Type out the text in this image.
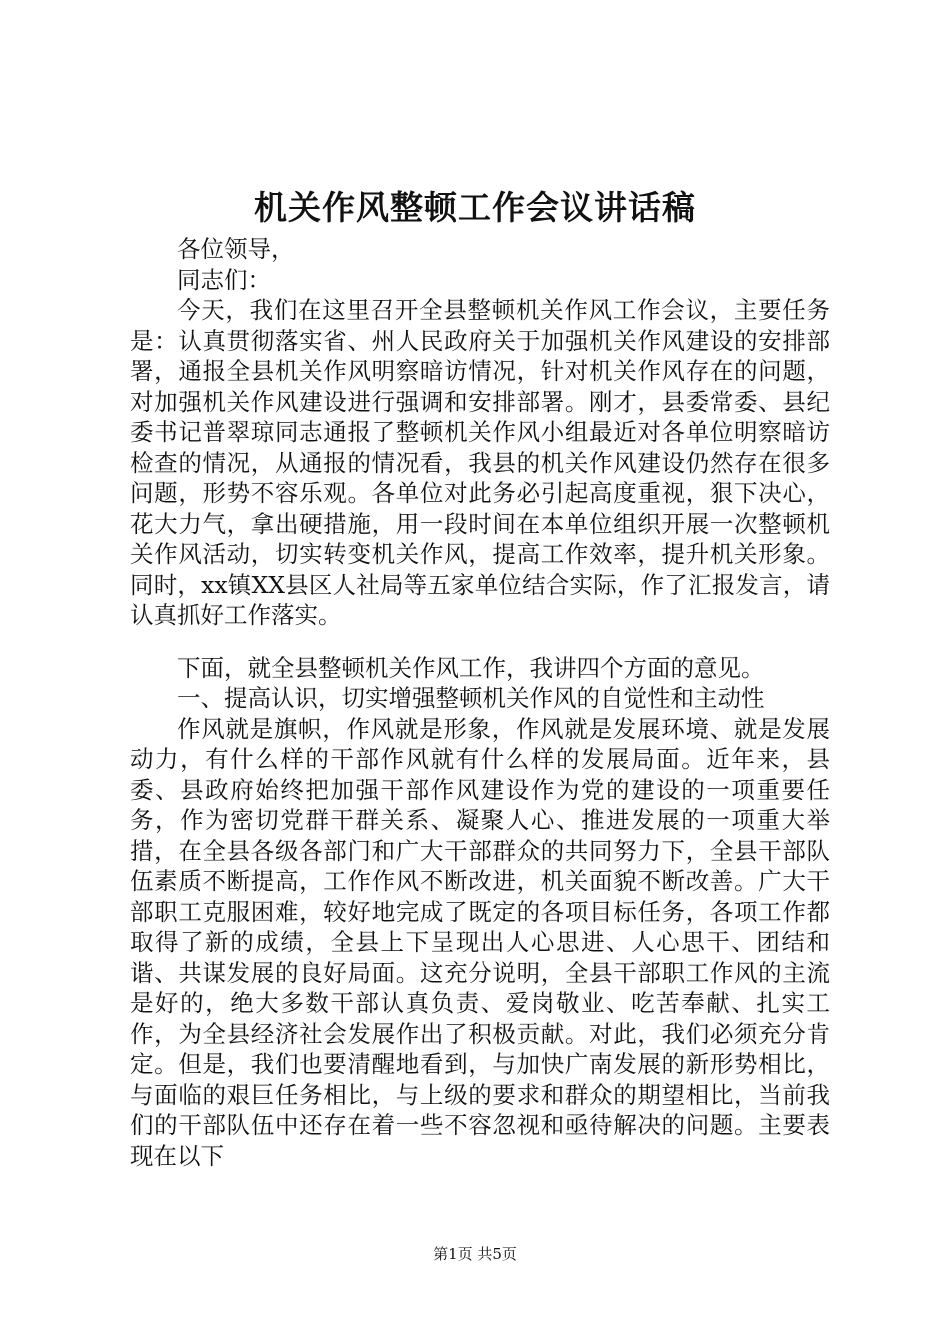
机关作风整顿工作会议讲话稿

各位领导，

同志们：

今天，我们在这里召开全县整顿机关作风工作会议，主要任务是：认真贯彻落实省、州人民政府关于加强机关作风建设的安排部署，通报全县机关作风明察暗访情况，针对机关作风存在的问题，对加强机关作风建设进行强调和安排部署。刚才，县委常委、县纪委书记普翠琼同志通报了整顿机关作风小组最近对各单位明察暗访检查的情况，从通报的情况看，我县的机关作风建设仍然存在很多问题，形势不容乐观。各单位对此务必引起高度重视，狠下决心，花大力气，拿出硬措施，用一段时间在本单位组织开展一次整顿机关作风活动，切实转变机关作风，提高工作效率，提升机关形象。同时，xx镇XX县区人社局等五家单位结合实际，作了汇报发言，请认真抓好工作落实。

下面，就全县整顿机关作风工作，我讲四个方面的意见。

一、提高认识，切实增强整顿机关作风的自觉性和主动性

作风就是旗帜，作风就是形象，作风就是发展环境、就是发展动力，有什么样的干部作风就有什么样的发展局面。近年来，县委、县政府始终把加强干部作风建设作为党的建设的一项重要任务，作为密切党群干群关系、凝聚人心、推进发展的一项重大举措，在全县各级各部门和广大干部群众的共同努力下，全县干部队伍素质不断提高，工作作风不断改进，机关面貌不断改善。广大干部职工克服困难，较好地完成了既定的各项目标任务，各项工作都取得了新的成绩，全县上下呈现出人心思进、人心思干、团结和谐、共谋发展的良好局面。这充分说明，全县干部职工作风的主流是好的，绝大多数干部认真负责、爱岗敬业、吃苦奉献、扎实工作，为全县经济社会发展作出了积极贡献。对此，我们必须充分肯定。但是，我们也要清醒地看到，与加快广南发展的新形势相比，与面临的艰巨任务相比，与上级的要求和群众的期望相比，当前我们的干部队伍中还存在着一些不容忽视和亟待解决的问题。主要表现在以下

第1页 共5页
